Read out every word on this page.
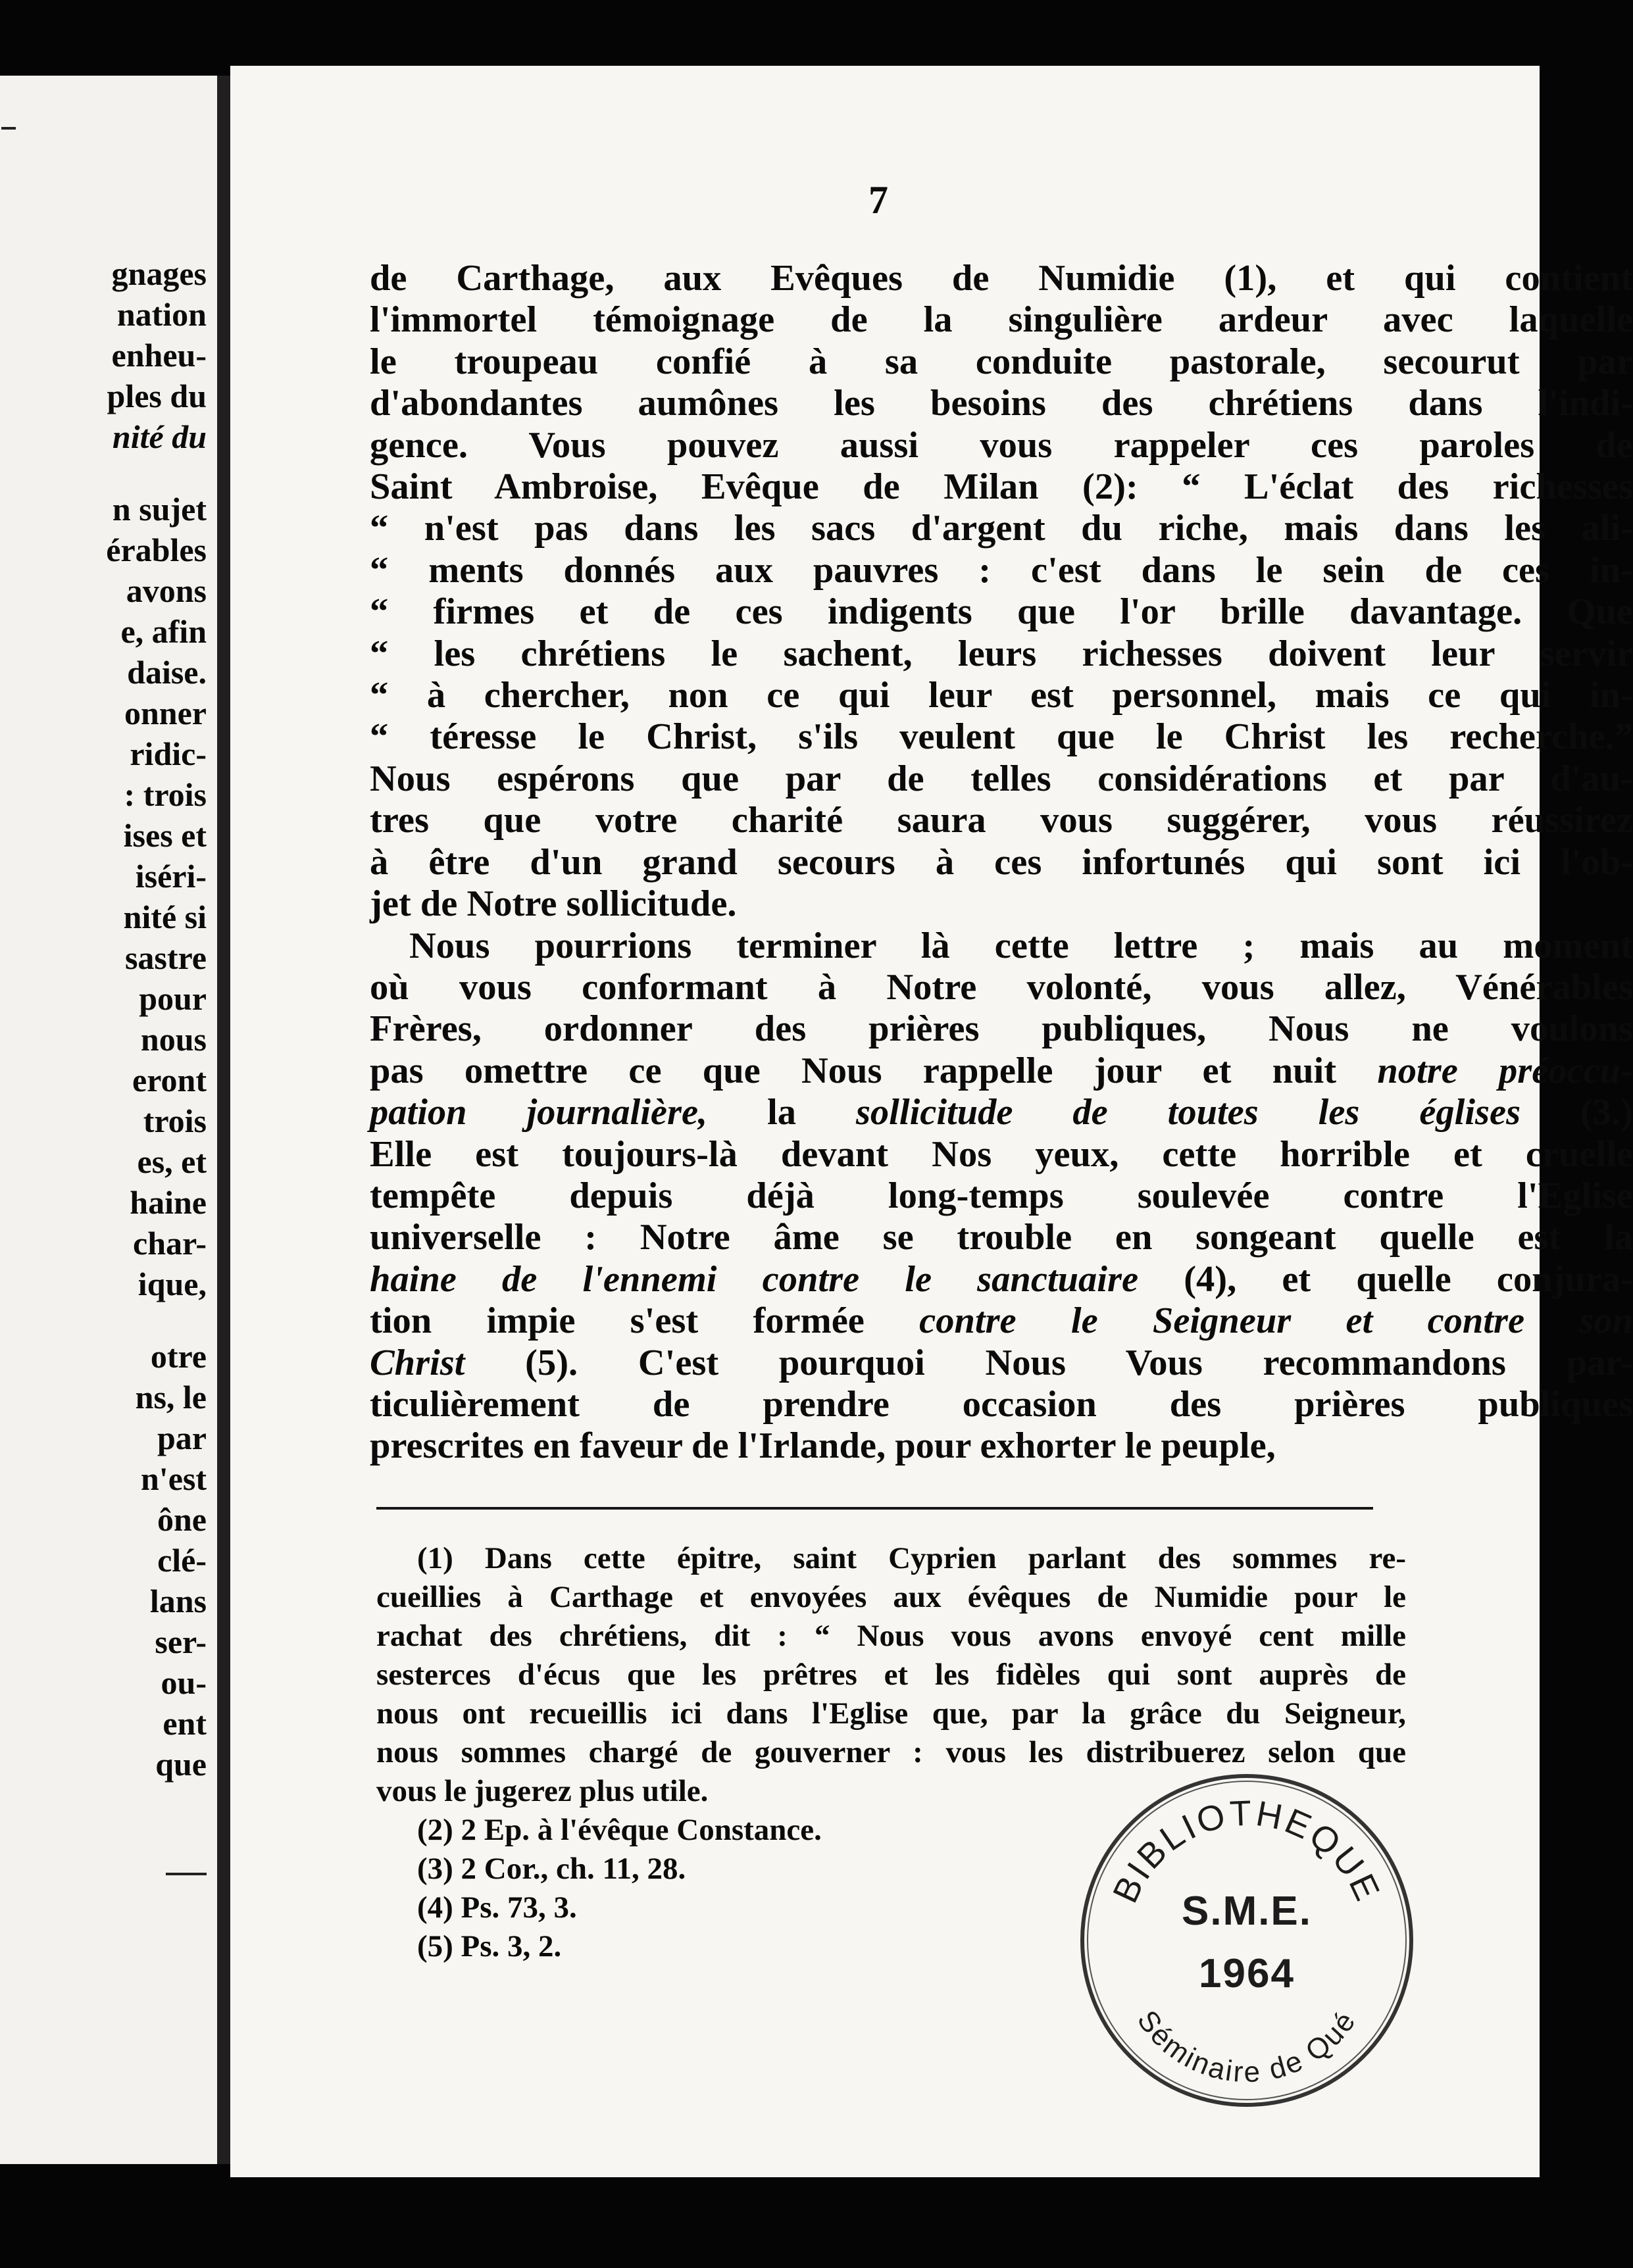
gnages
nation
enheu-
ples du
nité du
n sujet
érables
avons
e, afin
daise.
onner
ridic-
: trois
ises et
iséri-
nité si
sastre
pour
nous
eront
trois
es, et
haine
char-
ique,
otre
ns, le
par
n'est
ône
clé-
lans
ser-
ou-
ent
que
7
de Carthage, aux Evêques de Numidie (1), et qui contient
l'immortel témoignage de la singulière ardeur avec laquelle
le troupeau confié à sa conduite pastorale, secourut par
d'abondantes aumônes les besoins des chrétiens dans l'indi-
gence. Vous pouvez aussi vous rappeler ces paroles de
Saint Ambroise, Evêque de Milan (2): “ L'éclat des richesses
“ n'est pas dans les sacs d'argent du riche, mais dans les ali-
“ ments donnés aux pauvres : c'est dans le sein de ces in-
“ firmes et de ces indigents que l'or brille davantage. Que
“ les chrétiens le sachent, leurs richesses doivent leur servir
“ à chercher, non ce qui leur est personnel, mais ce qui in-
“ téresse le Christ, s'ils veulent que le Christ les recherche.”
Nous espérons que par de telles considérations et par d'au-
tres que votre charité saura vous suggérer, vous réussirez
à être d'un grand secours à ces infortunés qui sont ici l'ob-
jet de Notre sollicitude.
Nous pourrions terminer là cette lettre ; mais au moment
où vous conformant à Notre volonté, vous allez, Vénérables
Frères, ordonner des prières publiques, Nous ne voulons
pas omettre ce que Nous rappelle jour et nuit notre préoccu-
pation journalière, la sollicitude de toutes les églises (3.)
Elle est toujours-là devant Nos yeux, cette horrible et cruelle
tempête depuis déjà long-temps soulevée contre l'Eglise
universelle : Notre âme se trouble en songeant quelle est la
haine de l'ennemi contre le sanctuaire (4), et quelle conjura-
tion impie s'est formée contre le Seigneur et contre son
Christ (5). C'est pourquoi Nous Vous recommandons par-
ticulièrement de prendre occasion des prières publiques
prescrites en faveur de l'Irlande, pour exhorter le peuple,
(1) Dans cette épitre, saint Cyprien parlant des sommes re-
cueillies à Carthage et envoyées aux évêques de Numidie pour le
rachat des chrétiens, dit : “ Nous vous avons envoyé cent mille
sesterces d'écus que les prêtres et les fidèles qui sont auprès de
nous ont recueillis ici dans l'Eglise que, par la grâce du Seigneur,
nous sommes chargé de gouverner : vous les distribuerez selon que
vous le jugerez plus utile.
(2) 2 Ep. à l'évêque Constance.
(3) 2 Cor., ch. 11, 28.
(4) Ps. 73, 3.
(5) Ps. 3, 2.
BIBLIOTHEQUE
Séminaire de Qué
S.M.E.
1964
